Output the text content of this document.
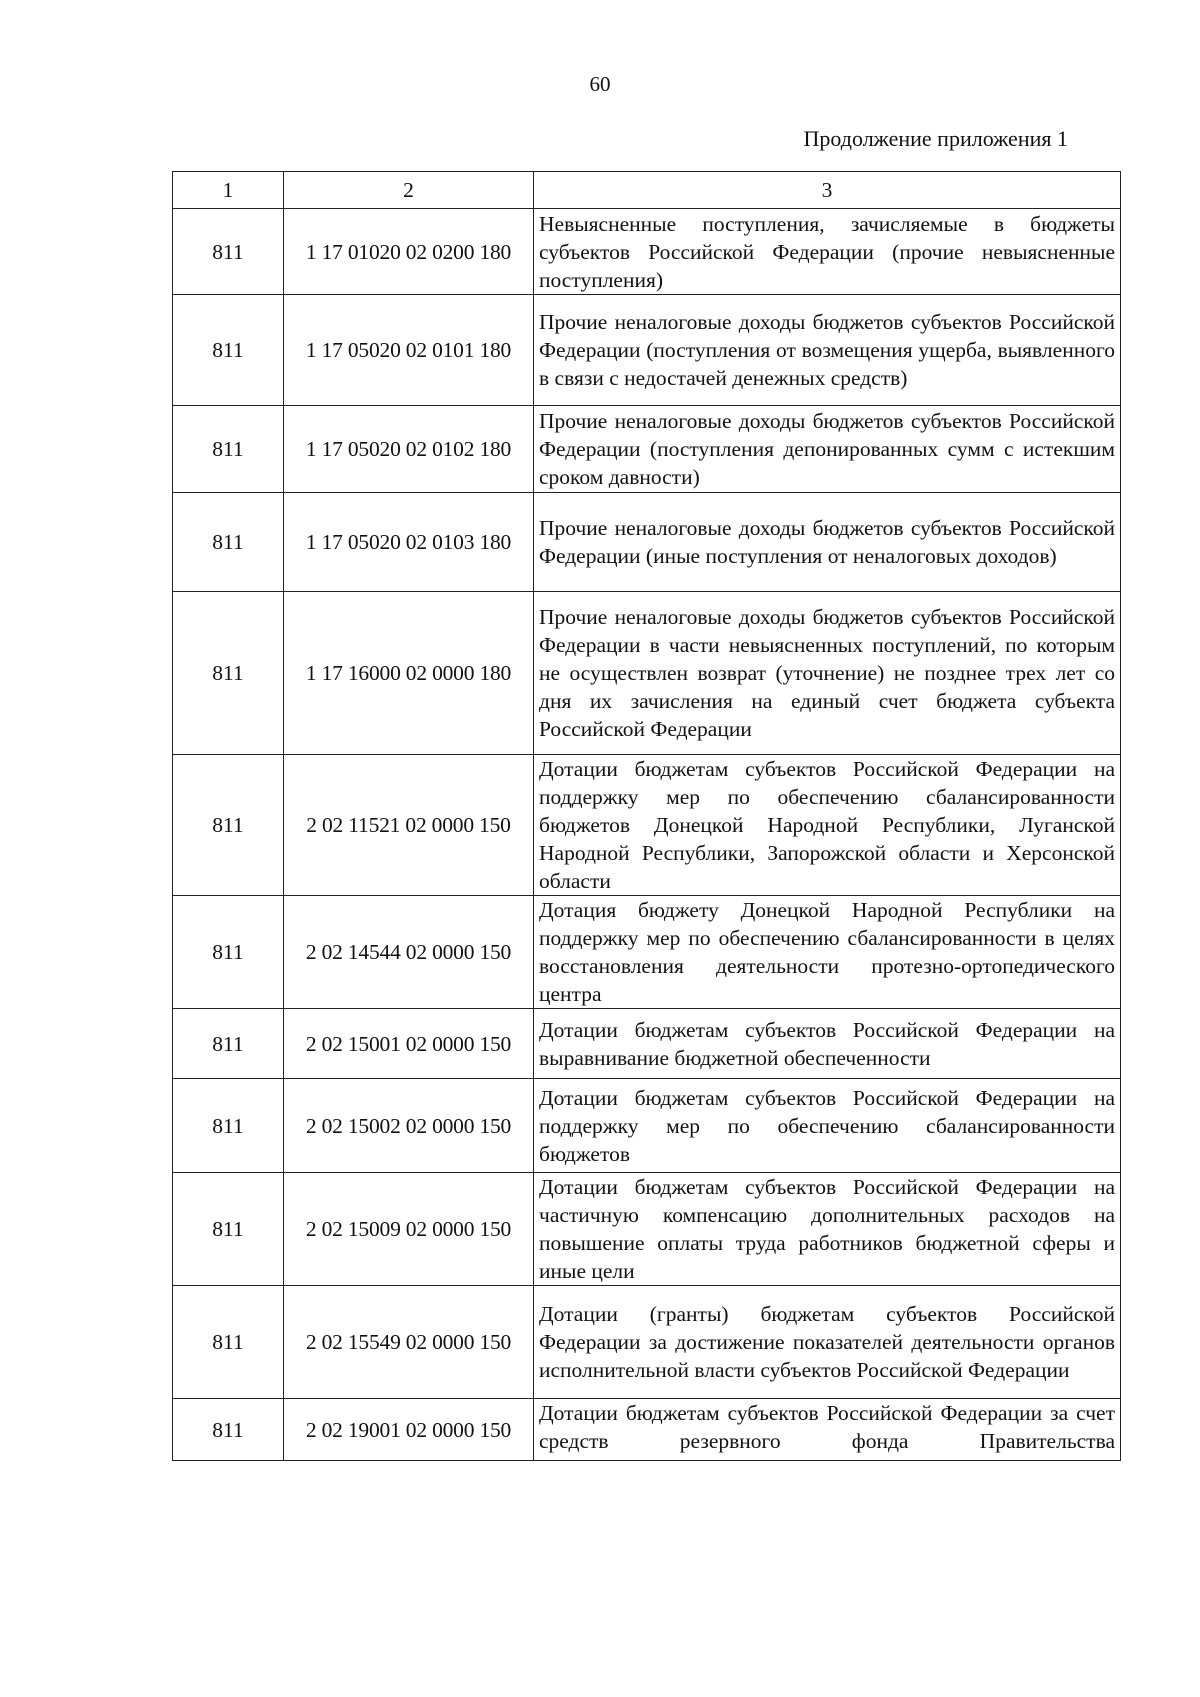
60
Продолжение приложения 1
1	2	3
811	1 17 01020 02 0200 180	Невыясненные поступления, зачисляемые в бюджеты субъектов Российской Федерации (прочие невыясненные поступления)
811	1 17 05020 02 0101 180	Прочие неналоговые доходы бюджетов субъектов Российской Федерации (поступления от возмещения ущерба, выявленного в связи с недостачей денежных средств)
811	1 17 05020 02 0102 180	Прочие неналоговые доходы бюджетов субъектов Российской Федерации (поступления депонированных сумм с истекшим сроком давности)
811	1 17 05020 02 0103 180	Прочие неналоговые доходы бюджетов субъектов Российской Федерации (иные поступления от неналоговых доходов)
811	1 17 16000 02 0000 180	Прочие неналоговые доходы бюджетов субъектов Российской Федерации в части невыясненных поступлений, по которым не осуществлен возврат (уточнение) не позднее трех лет со дня их зачисления на единый счет бюджета субъекта Российской Федерации
811	2 02 11521 02 0000 150	Дотации бюджетам субъектов Российской Федерации на поддержку мер по обеспечению сбалансированности бюджетов Донецкой Народной Республики, Луганской Народной Республики, Запорожской области и Херсонской области
811	2 02 14544 02 0000 150	Дотация бюджету Донецкой Народной Республики на поддержку мер по обеспечению сбалансированности в целях восстановления деятельности протезно-ортопедического центра
811	2 02 15001 02 0000 150	Дотации бюджетам субъектов Российской Федерации на выравнивание бюджетной обеспеченности
811	2 02 15002 02 0000 150	Дотации бюджетам субъектов Российской Федерации на поддержку мер по обеспечению сбалансированности бюджетов
811	2 02 15009 02 0000 150	Дотации бюджетам субъектов Российской Федерации на частичную компенсацию дополнительных расходов на повышение оплаты труда работников бюджетной сферы и иные цели
811	2 02 15549 02 0000 150	Дотации (гранты) бюджетам субъектов Российской Федерации за достижение показателей деятельности органов исполнительной власти субъектов Российской Федерации
811	2 02 19001 02 0000 150	Дотации бюджетам субъектов Российской Федерации за счет средств резервного фонда Правительства
